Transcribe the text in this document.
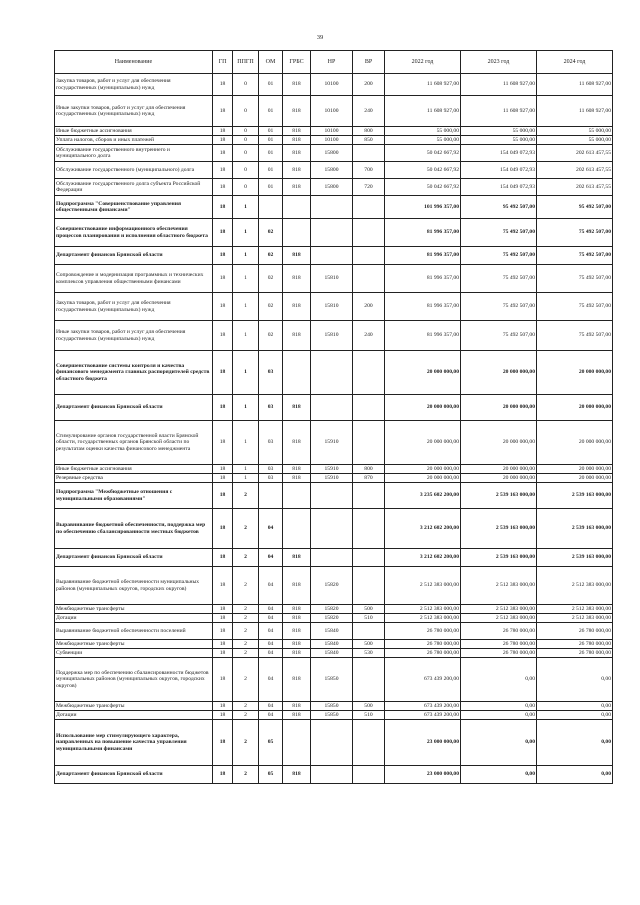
39
Наименование	ГП	ППГП	ОМ	ГРБС	НР	ВР	2022 год	2023 год	2024 год
Закупка товаров, работ и услуг для обеспечения государственных (муниципальных) нужд	18	0	01	818	10100	200	11 608 927,00	11 608 927,00	11 608 927,00
Иные закупки товаров, работ и услуг для обеспечения государственных (муниципальных) нужд	18	0	01	818	10100	240	11 608 927,00	11 608 927,00	11 608 927,00
Иные бюджетные ассигнования	18	0	01	818	10100	800	55 000,00	55 000,00	55 000,00
Уплата налогов, сборов и иных платежей	18	0	01	818	10100	850	55 000,00	55 000,00	55 000,00
Обслуживание государственного внутреннего и муниципального долга	18	0	01	818	15800		50 042 667,92	154 049 072,93	202 613 457,55
Обслуживание государственного (муниципального) долга	18	0	01	818	15800	700	50 042 667,92	154 049 072,93	202 613 457,55
Обслуживание государственного долга субъекта Российской Федерации	18	0	01	818	15800	720	50 042 667,92	154 049 072,93	202 613 457,55
Подпрограмма "Совершенствование управления общественными финансами"	18	1					101 996 357,00	95 492 507,00	95 492 507,00
Совершенствование информационного обеспечения процессов планирования и исполнения областного бюджета	18	1	02				81 996 357,00	75 492 507,00	75 492 507,00
Департамент финансов Брянской области	18	1	02	818			81 996 357,00	75 492 507,00	75 492 507,00
Сопровождение и модернизация программных и технических комплексов управления общественными финансами	18	1	02	818	15810		81 996 357,00	75 492 507,00	75 492 507,00
Закупка товаров, работ и услуг для обеспечения государственных (муниципальных) нужд	18	1	02	818	15810	200	81 996 357,00	75 492 507,00	75 492 507,00
Иные закупки товаров, работ и услуг для обеспечения государственных (муниципальных) нужд	18	1	02	818	15810	240	81 996 357,00	75 492 507,00	75 492 507,00
Совершенствование системы контроля и качества финансового менеджмента главных распорядителей средств областного бюджета	18	1	03				20 000 000,00	20 000 000,00	20 000 000,00
Департамент финансов Брянской области	18	1	03	818			20 000 000,00	20 000 000,00	20 000 000,00
Стимулирование органов государственной власти Брянской области, государственных органов Брянской области по результатам оценки качества финансового менеджмента	18	1	03	818	15910		20 000 000,00	20 000 000,00	20 000 000,00
Иные бюджетные ассигнования	18	1	03	818	15910	800	20 000 000,00	20 000 000,00	20 000 000,00
Резервные средства	18	1	03	818	15910	870	20 000 000,00	20 000 000,00	20 000 000,00
Подпрограмма "Межбюджетные отношения с муниципальными образованиями"	18	2					3 235 602 200,00	2 539 163 000,00	2 539 163 000,00
Выравнивание бюджетной обеспеченности, поддержка мер по обеспечению сбалансированности местных бюджетов	18	2	04				3 212 602 200,00	2 539 163 000,00	2 539 163 000,00
Департамент финансов Брянской области	18	2	04	818			3 212 602 200,00	2 539 163 000,00	2 539 163 000,00
Выравнивание бюджетной обеспеченности муниципальных районов (муниципальных округов, городских округов)	18	2	04	818	15820		2 512 383 000,00	2 512 383 000,00	2 512 383 000,00
Межбюджетные трансферты	18	2	04	818	15820	500	2 512 383 000,00	2 512 383 000,00	2 512 383 000,00
Дотации	18	2	04	818	15820	510	2 512 383 000,00	2 512 383 000,00	2 512 383 000,00
Выравнивание бюджетной обеспеченности поселений	18	2	04	818	15840		26 780 000,00	26 780 000,00	26 780 000,00
Межбюджетные трансферты	18	2	04	818	15840	500	26 780 000,00	26 780 000,00	26 780 000,00
Субвенции	18	2	04	818	15840	530	26 780 000,00	26 780 000,00	26 780 000,00
Поддержка мер по обеспечению сбалансированности бюджетов муниципальных районов (муниципальных округов, городских округов)	18	2	04	818	15850		673 439 200,00	0,00	0,00
Межбюджетные трансферты	18	2	04	818	15850	500	673 439 200,00	0,00	0,00
Дотации	18	2	04	818	15850	510	673 439 200,00	0,00	0,00
Использование мер стимулирующего характера, направленных на повышение качества управления муниципальными финансами	18	2	05				23 000 000,00	0,00	0,00
Департамент финансов Брянской области	18	2	05	818			23 000 000,00	0,00	0,00
